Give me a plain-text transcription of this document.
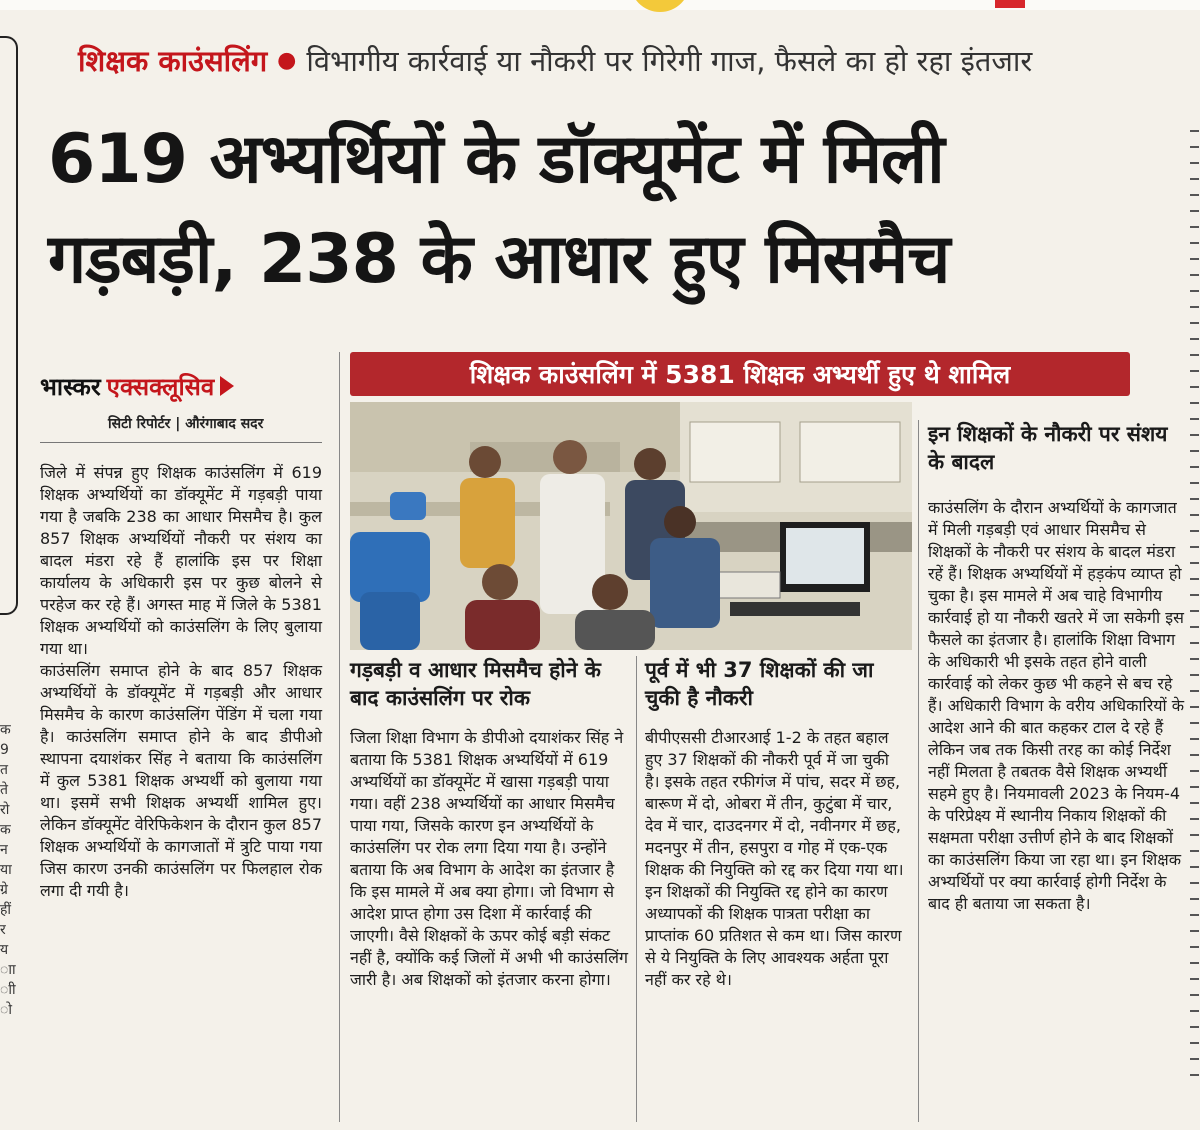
शिक्षक काउंसलिंग ● विभागीय कार्रवाई या नौकरी पर गिरेगी गाज, फैसले का हो रहा इंतजार
619 अभ्यर्थियों के डॉक्यूमेंट में मिली
गड़बड़ी, 238 के आधार हुए मिसमैच
भास्कर एक्सक्लूसिव
सिटी रिपोर्टर | औरंगाबाद सदर

जिले में संपन्न हुए शिक्षक काउंसलिंग में 619 शिक्षक अभ्यर्थियों का डॉक्यूमेंट में गड़बड़ी पाया गया है जबकि 238 का आधार मिसमैच है। कुल 857 शिक्षक अभ्यर्थियों नौकरी पर संशय का बादल मंडरा रहे हैं हालांकि इस पर शिक्षा कार्यालय के अधिकारी इस पर कुछ बोलने से परहेज कर रहे हैं। अगस्त माह में जिले के 5381 शिक्षक अभ्यर्थियों को काउंसलिंग के लिए बुलाया गया था।

काउंसलिंग समाप्त होने के बाद 857 शिक्षक अभ्यर्थियों के डॉक्यूमेंट में गड़बड़ी और आधार मिसमैच के कारण काउंसलिंग पेंडिंग में चला गया है। काउंसलिंग समाप्त होने के बाद डीपीओ स्थापना दयाशंकर सिंह ने बताया कि काउंसलिंग में कुल 5381 शिक्षक अभ्यर्थी को बुलाया गया था। इसमें सभी शिक्षक अभ्यर्थी शामिल हुए। लेकिन डॉक्यूमेंट वेरिफिकेशन के दौरान कुल 857 शिक्षक अभ्यर्थियों के कागजातों में त्रुटि पाया गया जिस कारण उनकी काउंसलिंग पर फिलहाल रोक लगा दी गयी है।

शिक्षक काउंसलिंग में 5381 शिक्षक अभ्यर्थी हुए थे शामिल
गड़बड़ी व आधार मिसमैच होने के बाद काउंसलिंग पर रोक
जिला शिक्षा विभाग के डीपीओ दयाशंकर सिंह ने बताया कि 5381 शिक्षक अभ्यर्थियों में 619 अभ्यर्थियों का डॉक्यूमेंट में खासा गड़बड़ी पाया गया। वहीं 238 अभ्यर्थियों का आधार मिसमैच पाया गया, जिसके कारण इन अभ्यर्थियों के काउंसलिंग पर रोक लगा दिया गया है। उन्होंने बताया कि अब विभाग के आदेश का इंतजार है कि इस मामले में अब क्या होगा। जो विभाग से आदेश प्राप्त होगा उस दिशा में कार्रवाई की जाएगी। वैसे शिक्षकों के ऊपर कोई बड़ी संकट नहीं है, क्योंकि कई जिलों में अभी भी काउंसलिंग जारी है। अब शिक्षकों को इंतजार करना होगा।
पूर्व में भी 37 शिक्षकों की जा चुकी है नौकरी
बीपीएससी टीआरआई 1-2 के तहत बहाल हुए 37 शिक्षकों की नौकरी पूर्व में जा चुकी है। इसके तहत रफीगंज में पांच, सदर में छह, बारूण में दो, ओबरा में तीन, कुटुंबा में चार, देव में चार, दाउदनगर में दो, नवीनगर में छह, मदनपुर में तीन, हसपुरा व गोह में एक-एक शिक्षक की नियुक्ति को रद्द कर दिया गया था। इन शिक्षकों की नियुक्ति रद्द होने का कारण अध्यापकों की शिक्षक पात्रता परीक्षा का प्राप्तांक 60 प्रतिशत से कम था। जिस कारण से ये नियुक्ति के लिए आवश्यक अर्हता पूरा नहीं कर रहे थे।
इन शिक्षकों के नौकरी पर संशय के बादल
काउंसलिंग के दौरान अभ्यर्थियों के कागजात में मिली गड़बड़ी एवं आधार मिसमैच से शिक्षकों के नौकरी पर संशय के बादल मंडरा रहें हैं। शिक्षक अभ्यर्थियों में हड़कंप व्याप्त हो चुका है। इस मामले में अब चाहे विभागीय कार्रवाई हो या नौकरी खतरे में जा सकेगी इस फैसले का इंतजार है। हालांकि शिक्षा विभाग के अधिकारी भी इसके तहत होने वाली कार्रवाई को लेकर कुछ भी कहने से बच रहे हैं। अधिकारी विभाग के वरीय अधिकारियों के आदेश आने की बात कहकर टाल दे रहे हैं लेकिन जब तक किसी तरह का कोई निर्देश नहीं मिलता है तबतक वैसे शिक्षक अभ्यर्थी सहमे हुए है। नियमावली 2023 के नियम-4 के परिप्रेक्ष्य में स्थानीय निकाय शिक्षकों की सक्षमता परीक्षा उत्तीर्ण होने के बाद शिक्षकों का काउंसलिंग किया जा रहा था। इन शिक्षक अभ्यर्थियों पर क्या कार्रवाई होगी निर्देश के बाद ही बताया जा सकता है।
क
9
त
ते
रो
क
न
या
ग्रे
हीं
र
य
ाा
ाी
ो
